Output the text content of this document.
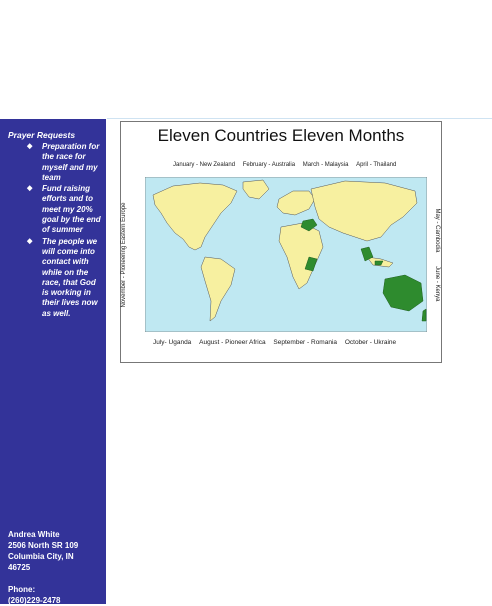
Prayer Requests
◆ Preparation for the race for myself and my team
◆ Fund raising efforts and to meet my 20% goal by the end of summer
◆ The people we will come into contact with while on the race, that God is working in their lives now as well.
Andrea White
2506 North SR 109
Columbia City, IN
46725
Phone:
(260)229-2478
Eleven Countries Eleven Months
January - New Zealand February - Australia March - Malaysia April - Thailand
November - Pioneering Eastern Europe	May - Cambodia June - Kenya
July- Uganda August - Pioneer Africa September - Romania October - Ukraine
